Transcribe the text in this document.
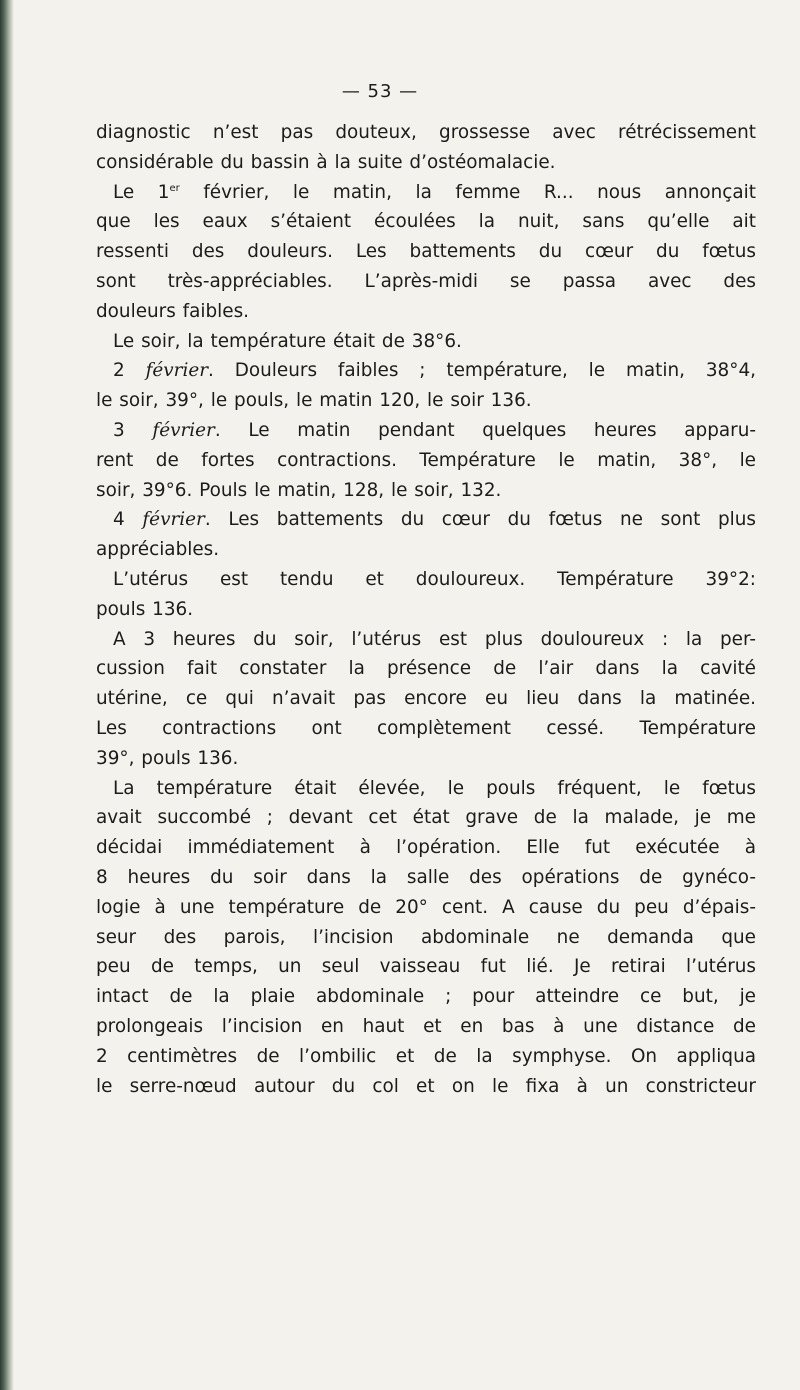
— 53 —
diagnostic n’est pas douteux, grossesse avec rétrécissement
considérable du bassin à la suite d’ostéomalacie.
Le 1er février, le matin, la femme R... nous annonçait
que les eaux s’étaient écoulées la nuit, sans qu’elle ait
ressenti des douleurs. Les battements du cœur du fœtus
sont très-appréciables. L’après-midi se passa avec des
douleurs faibles.
Le soir, la température était de 38°6.
2 février. Douleurs faibles ; température, le matin, 38°4,
le soir, 39°, le pouls, le matin 120, le soir 136.
3 février. Le matin pendant quelques heures apparu-
rent de fortes contractions. Température le matin, 38°, le
soir, 39°6. Pouls le matin, 128, le soir, 132.
4 février. Les battements du cœur du fœtus ne sont plus
appréciables.
L’utérus est tendu et douloureux. Température 39°2:
pouls 136.
A 3 heures du soir, l’utérus est plus douloureux : la per-
cussion fait constater la présence de l’air dans la cavité
utérine, ce qui n’avait pas encore eu lieu dans la matinée.
Les contractions ont complètement cessé. Température
39°, pouls 136.
La température était élevée, le pouls fréquent, le fœtus
avait succombé ; devant cet état grave de la malade, je me
décidai immédiatement à l’opération. Elle fut exécutée à
8 heures du soir dans la salle des opérations de gynéco-
logie à une température de 20° cent. A cause du peu d’épais-
seur des parois, l’incision abdominale ne demanda que
peu de temps, un seul vaisseau fut lié. Je retirai l’utérus
intact de la plaie abdominale ; pour atteindre ce but, je
prolongeais l’incision en haut et en bas à une distance de
2 centimètres de l’ombilic et de la symphyse. On appliqua
le serre-nœud autour du col et on le fixa à un constricteur
